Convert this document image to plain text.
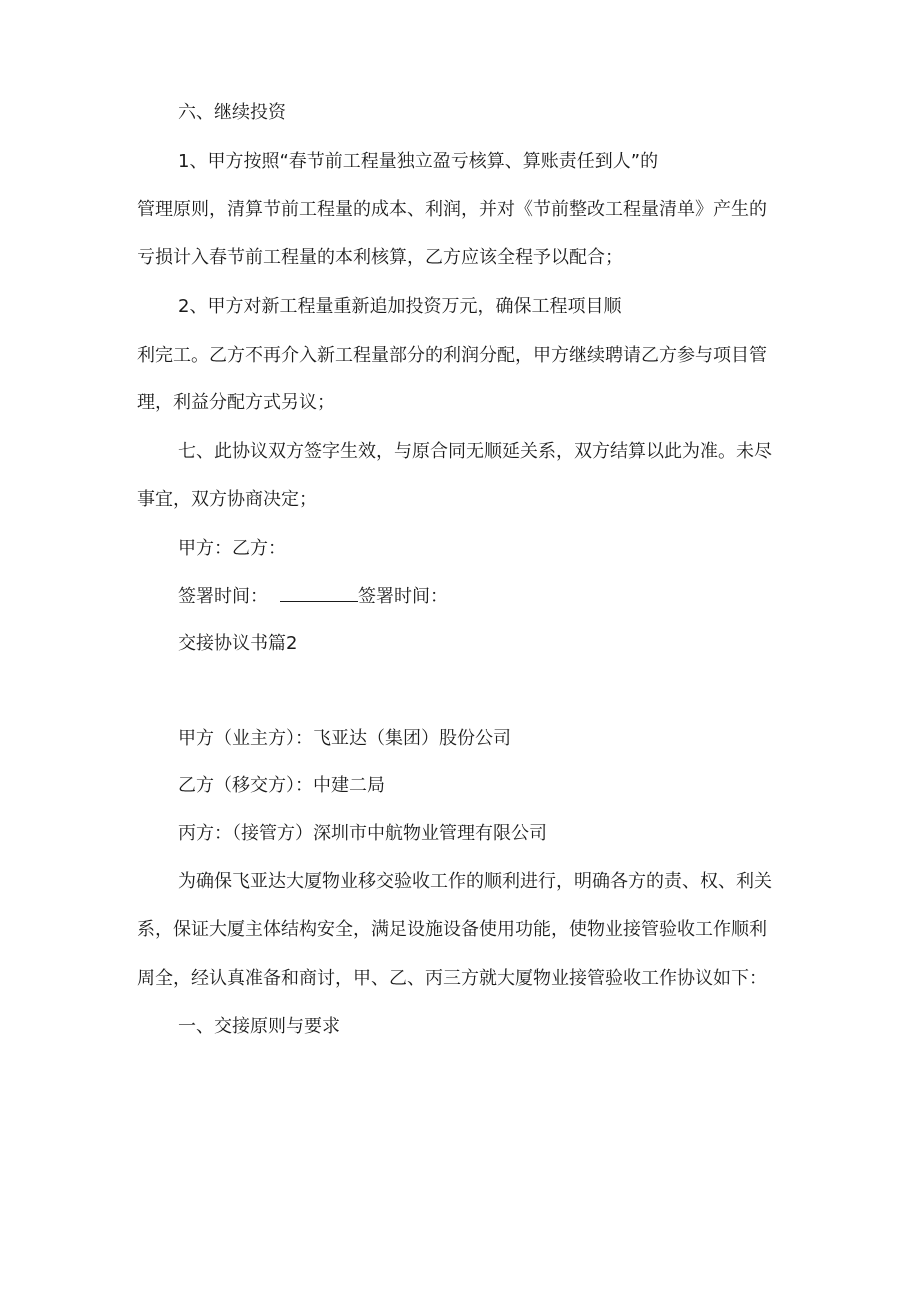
六、继续投资
1、甲方按照“春节前工程量独立盈亏核算、算账责任到人”的
管理原则，清算节前工程量的成本、利润，并对《节前整改工程量清单》产生的
亏损计入春节前工程量的本利核算，乙方应该全程予以配合；
2、甲方对新工程量重新追加投资万元，确保工程项目顺
利完工。乙方不再介入新工程量部分的利润分配，甲方继续聘请乙方参与项目管
理，利益分配方式另议；
七、此协议双方签字生效，与原合同无顺延关系，双方结算以此为准。未尽
事宜，双方协商决定；
甲方：乙方：
签署时间：	签署时间：
交接协议书篇2
甲方（业主方）：飞亚达（集团）股份公司
乙方（移交方）：中建二局
丙方：（接管方）深圳市中航物业管理有限公司
为确保飞亚达大厦物业移交验收工作的顺利进行，明确各方的责、权、利关
系，保证大厦主体结构安全，满足设施设备使用功能，使物业接管验收工作顺利
周全，经认真准备和商讨，甲、乙、丙三方就大厦物业接管验收工作协议如下：
一、交接原则与要求
